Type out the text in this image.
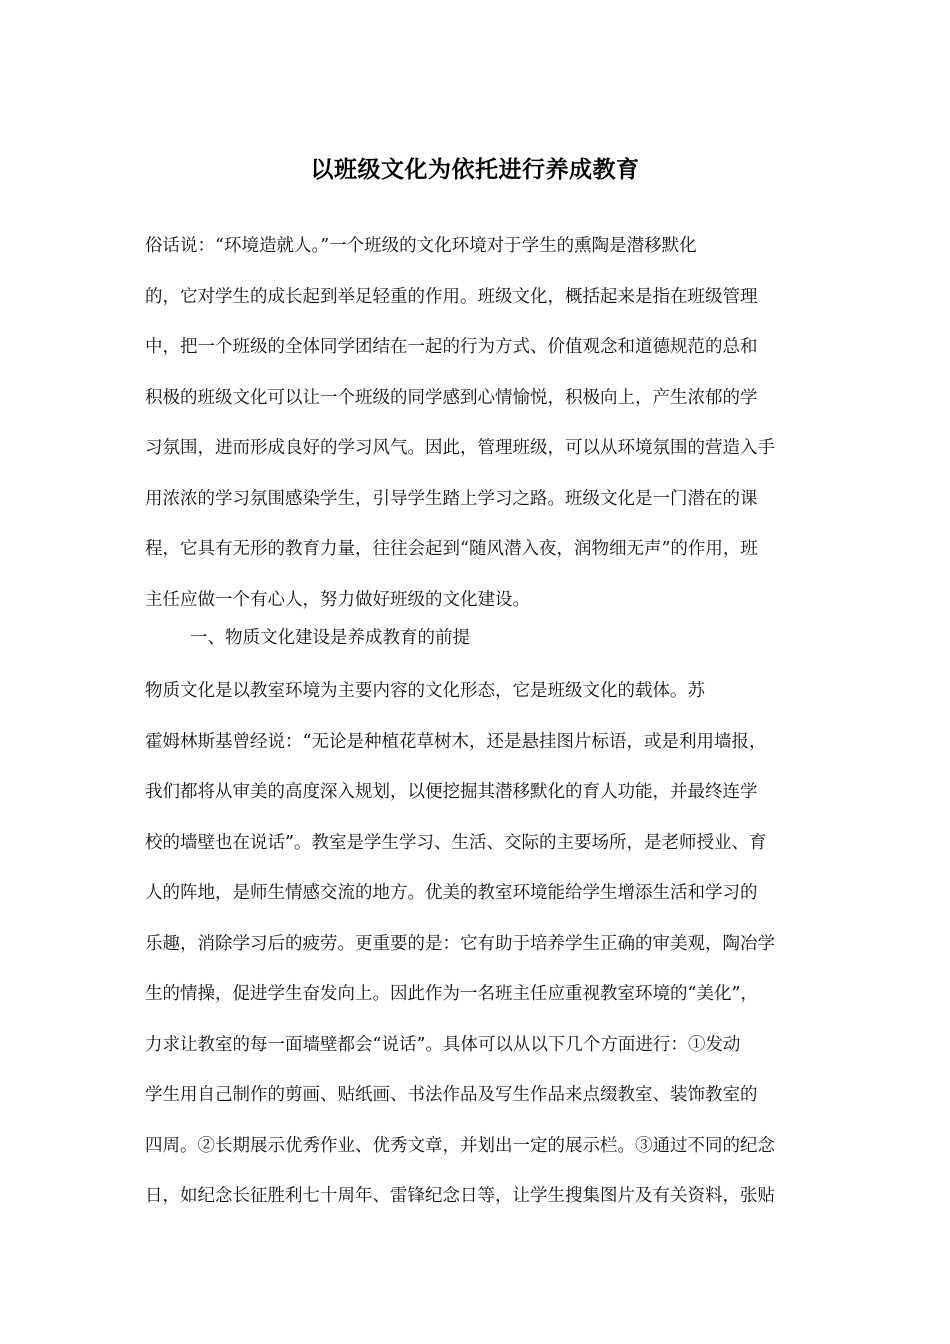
以班级文化为依托进行养成教育
俗话说：“环境造就人。”一个班级的文化环境对于学生的熏陶是潜移默化
的，它对学生的成长起到举足轻重的作用。班级文化，概括起来是指在班级管理
中，把一个班级的全体同学团结在一起的行为方式、价值观念和道德规范的总和
积极的班级文化可以让一个班级的同学感到心情愉悦，积极向上，产生浓郁的学
习氛围，进而形成良好的学习风气。因此，管理班级，可以从环境氛围的营造入手
用浓浓的学习氛围感染学生，引导学生踏上学习之路。班级文化是一门潜在的课
程，它具有无形的教育力量，往往会起到“随风潜入夜，润物细无声”的作用，班
主任应做一个有心人，努力做好班级的文化建设。
一、物质文化建设是养成教育的前提
物质文化是以教室环境为主要内容的文化形态，它是班级文化的载体。苏
霍姆林斯基曾经说：“无论是种植花草树木，还是悬挂图片标语，或是利用墙报，
我们都将从审美的高度深入规划，以便挖掘其潜移默化的育人功能，并最终连学
校的墙壁也在说话”。教室是学生学习、生活、交际的主要场所，是老师授业、育
人的阵地，是师生情感交流的地方。优美的教室环境能给学生增添生活和学习的
乐趣，消除学习后的疲劳。更重要的是：它有助于培养学生正确的审美观，陶冶学
生的情操，促进学生奋发向上。因此作为一名班主任应重视教室环境的“美化”，
力求让教室的每一面墙壁都会“说话”。具体可以从以下几个方面进行：①发动
学生用自己制作的剪画、贴纸画、书法作品及写生作品来点缀教室、装饰教室的
四周。②长期展示优秀作业、优秀文章，并划出一定的展示栏。③通过不同的纪念
日，如纪念长征胜利七十周年、雷锋纪念日等，让学生搜集图片及有关资料，张贴
